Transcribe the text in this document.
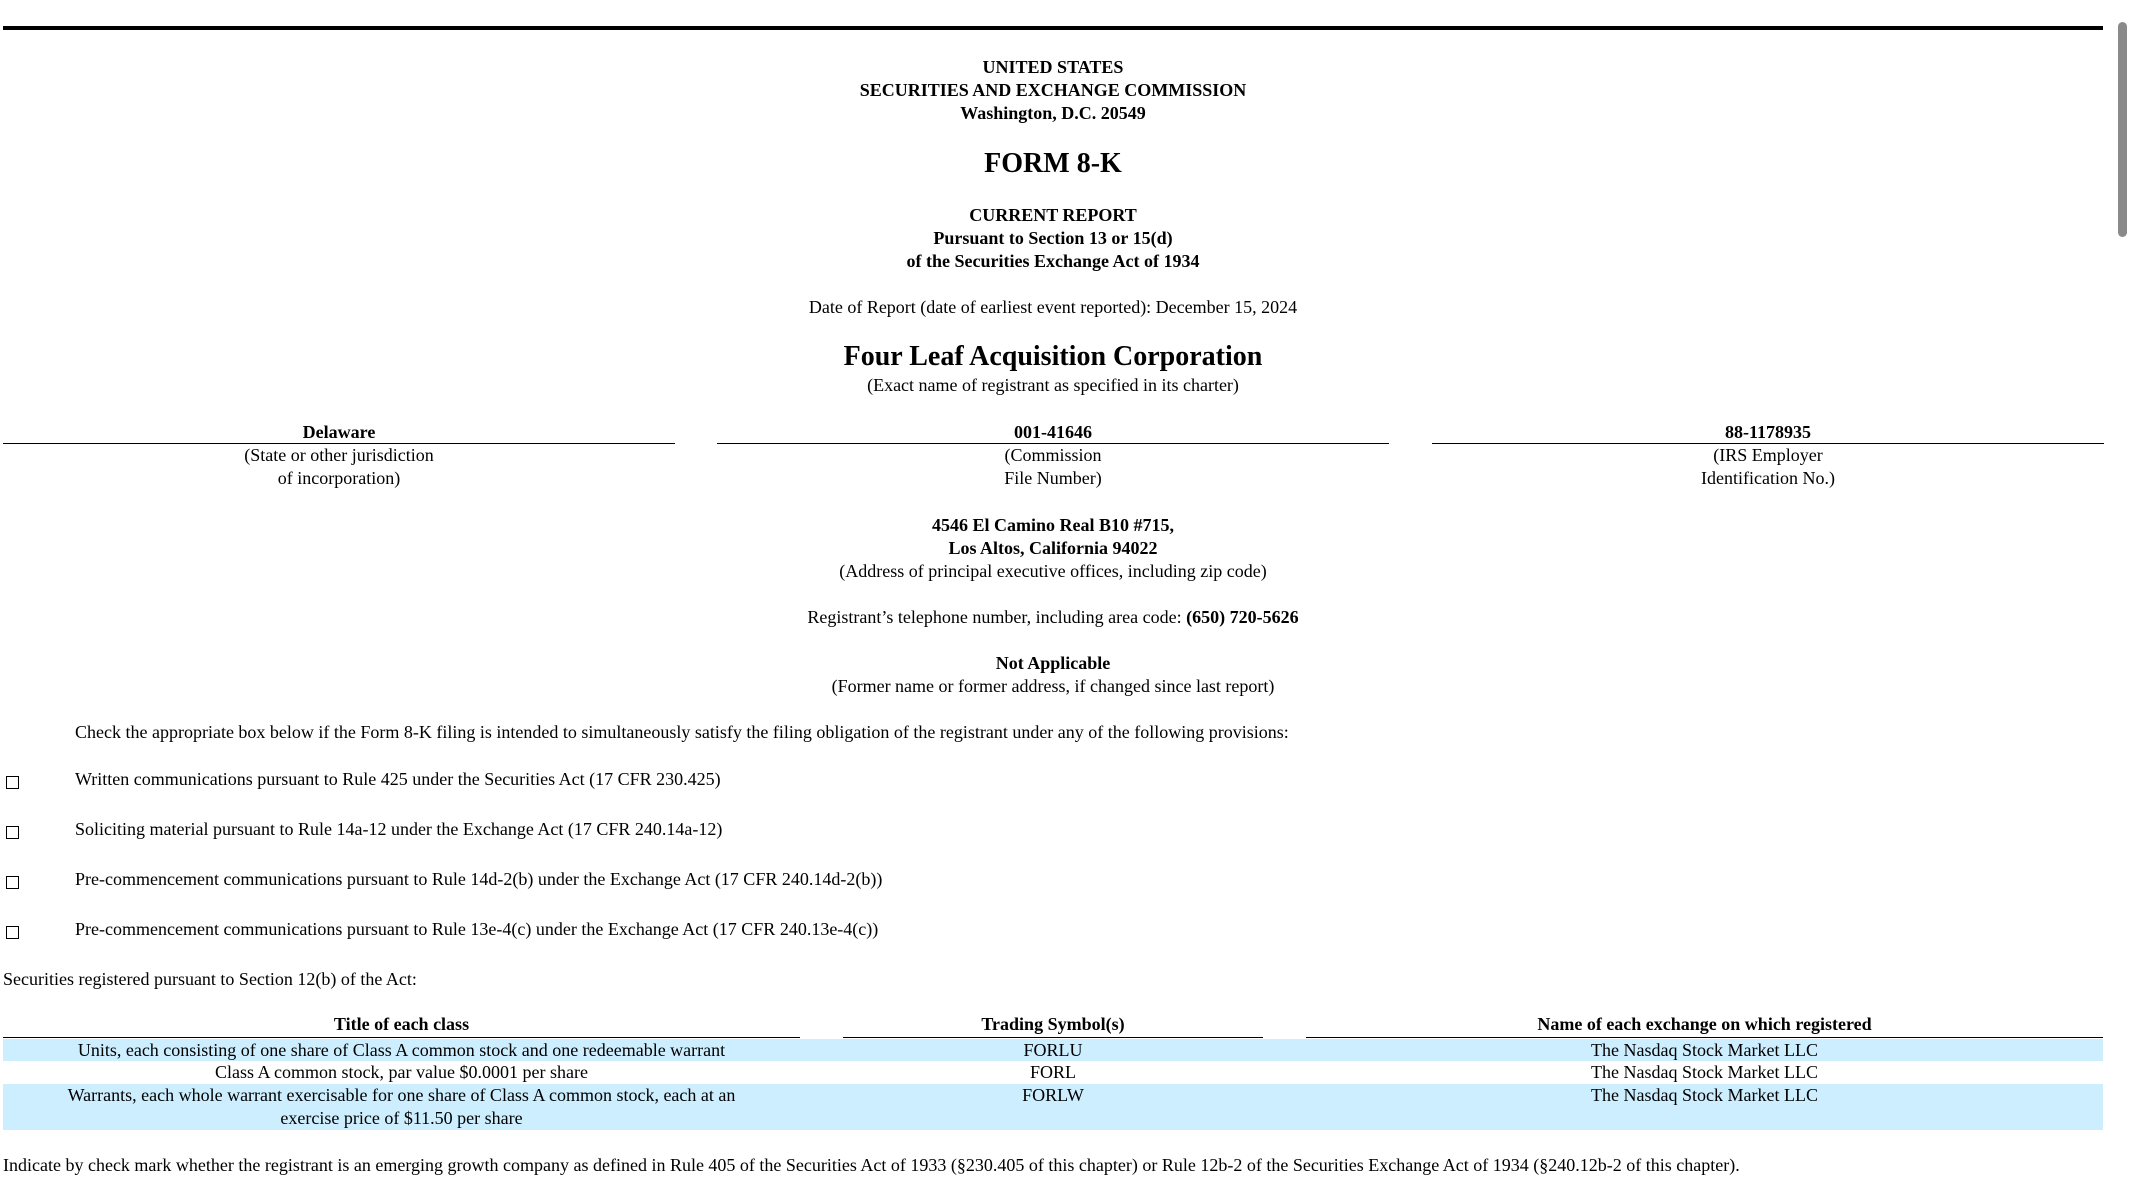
UNITED STATES
SECURITIES AND EXCHANGE COMMISSION
Washington, D.C. 20549
FORM 8-K
CURRENT REPORT
Pursuant to Section 13 or 15(d)
of the Securities Exchange Act of 1934
Date of Report (date of earliest event reported): December 15, 2024
Four Leaf Acquisition Corporation
(Exact name of registrant as specified in its charter)
Delaware
(State or other jurisdiction
of incorporation)
001-41646
(Commission
File Number)
88-1178935
(IRS Employer
Identification No.)
4546 El Camino Real B10 #715,
Los Altos, California 94022
(Address of principal executive offices, including zip code)
Registrant’s telephone number, including area code: (650) 720-5626
Not Applicable
(Former name or former address, if changed since last report)
Check the appropriate box below if the Form 8-K filing is intended to simultaneously satisfy the filing obligation of the registrant under any of the following provisions:
Written communications pursuant to Rule 425 under the Securities Act (17 CFR 230.425)
Soliciting material pursuant to Rule 14a-12 under the Exchange Act (17 CFR 240.14a-12)
Pre-commencement communications pursuant to Rule 14d-2(b) under the Exchange Act (17 CFR 240.14d-2(b))
Pre-commencement communications pursuant to Rule 13e-4(c) under the Exchange Act (17 CFR 240.13e-4(c))
Securities registered pursuant to Section 12(b) of the Act:
Title of each class	Trading Symbol(s)	Name of each exchange on which registered
Units, each consisting of one share of Class A common stock and one redeemable warrant	FORLU	The Nasdaq Stock Market LLC
Class A common stock, par value $0.0001 per share	FORL	The Nasdaq Stock Market LLC
Warrants, each whole warrant exercisable for one share of Class A common stock, each at an
exercise price of $11.50 per share
FORLW	The Nasdaq Stock Market LLC
Indicate by check mark whether the registrant is an emerging growth company as defined in Rule 405 of the Securities Act of 1933 (§230.405 of this chapter) or Rule 12b-2 of the Securities Exchange Act of 1934 (§240.12b-2 of this chapter).
